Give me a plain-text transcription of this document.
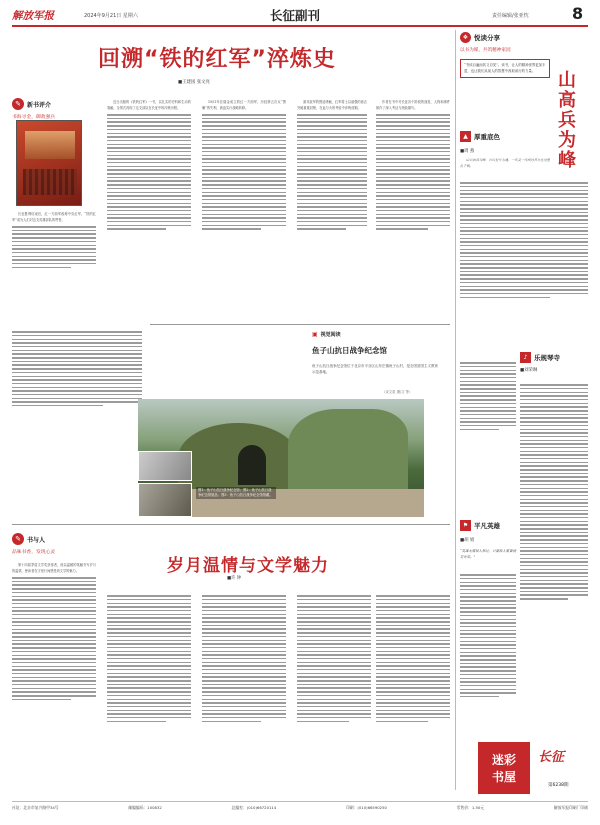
解放军报	2024年9月21日 星期六	长征副刊	责任编辑/张亚忱	8
回溯“铁的红军”淬炼史
■王建国 张文亮
✎	新书评介
书海寻金，御敌强兵

长征胜利结束后，红一方面军改称中央红军，“铁的红军”成为人们对这支英雄部队的赞誉。

近日出版的《铁的红军》一书，以扎实的史料和生动的笔触，全景式再现了这支部队在长征中的淬炼历程。

1931年在瑞金成立的红一方面军，历经第五次反“围剿”的失利，被迫实行战略转移。

面对敌军的围追堵截，红军将士以顽强的意志突破重重封锁，在血与火的考验中淬炼成钢。

作者在书中对长征各个阶段的战役、人物和事件都作了深入考证与细致描写。

▣ 视觉阅读
鱼子山抗日战争纪念馆
鱼子山抗日战争纪念馆位于北京市平谷区山东庄镇鱼子山村，是全国爱国主义教育示范基地。
（宋文星 摄/文 等）
图1：鱼子山抗日战争纪念馆；图2：鱼子山抗日战争纪念馆展品；图3：鱼子山抗日战争纪念馆馆藏。
✎	书与人
品味书香，发现心灵
岁月温情与文学魅力
■许 钟

第十四届茅盾文学奖获得者，他以温暖的笔触书写岁月的温情，使读者在字里行间感受到文学的魅力。

❖ 悦读分享
以书为媒，共筑精神家园
“书读百遍而其义自见”。读书，让人的精神世界更加丰盈，也让我们从前人的智慧中汲取前行的力量。	山高兵为峰
▲ 厚重底色
■周 燕

山以高耸为峰，兵以坚守为魂，一代又一代戍边官兵在这里扎下根。

♪	乐规琴寺
■刘荣琳
⚑ 平凡英雄
■胡 娟
“英雄无需被人铭记，只要被人需要就是光荣。”
迷彩
书屋
长征
第6238期
社址：北京市复兴路甲34号	邮编编码：100832	总编室：(010)66720114	印刷：(010)66590250	零售价：1.50元	解放军报印刷厂印刷
